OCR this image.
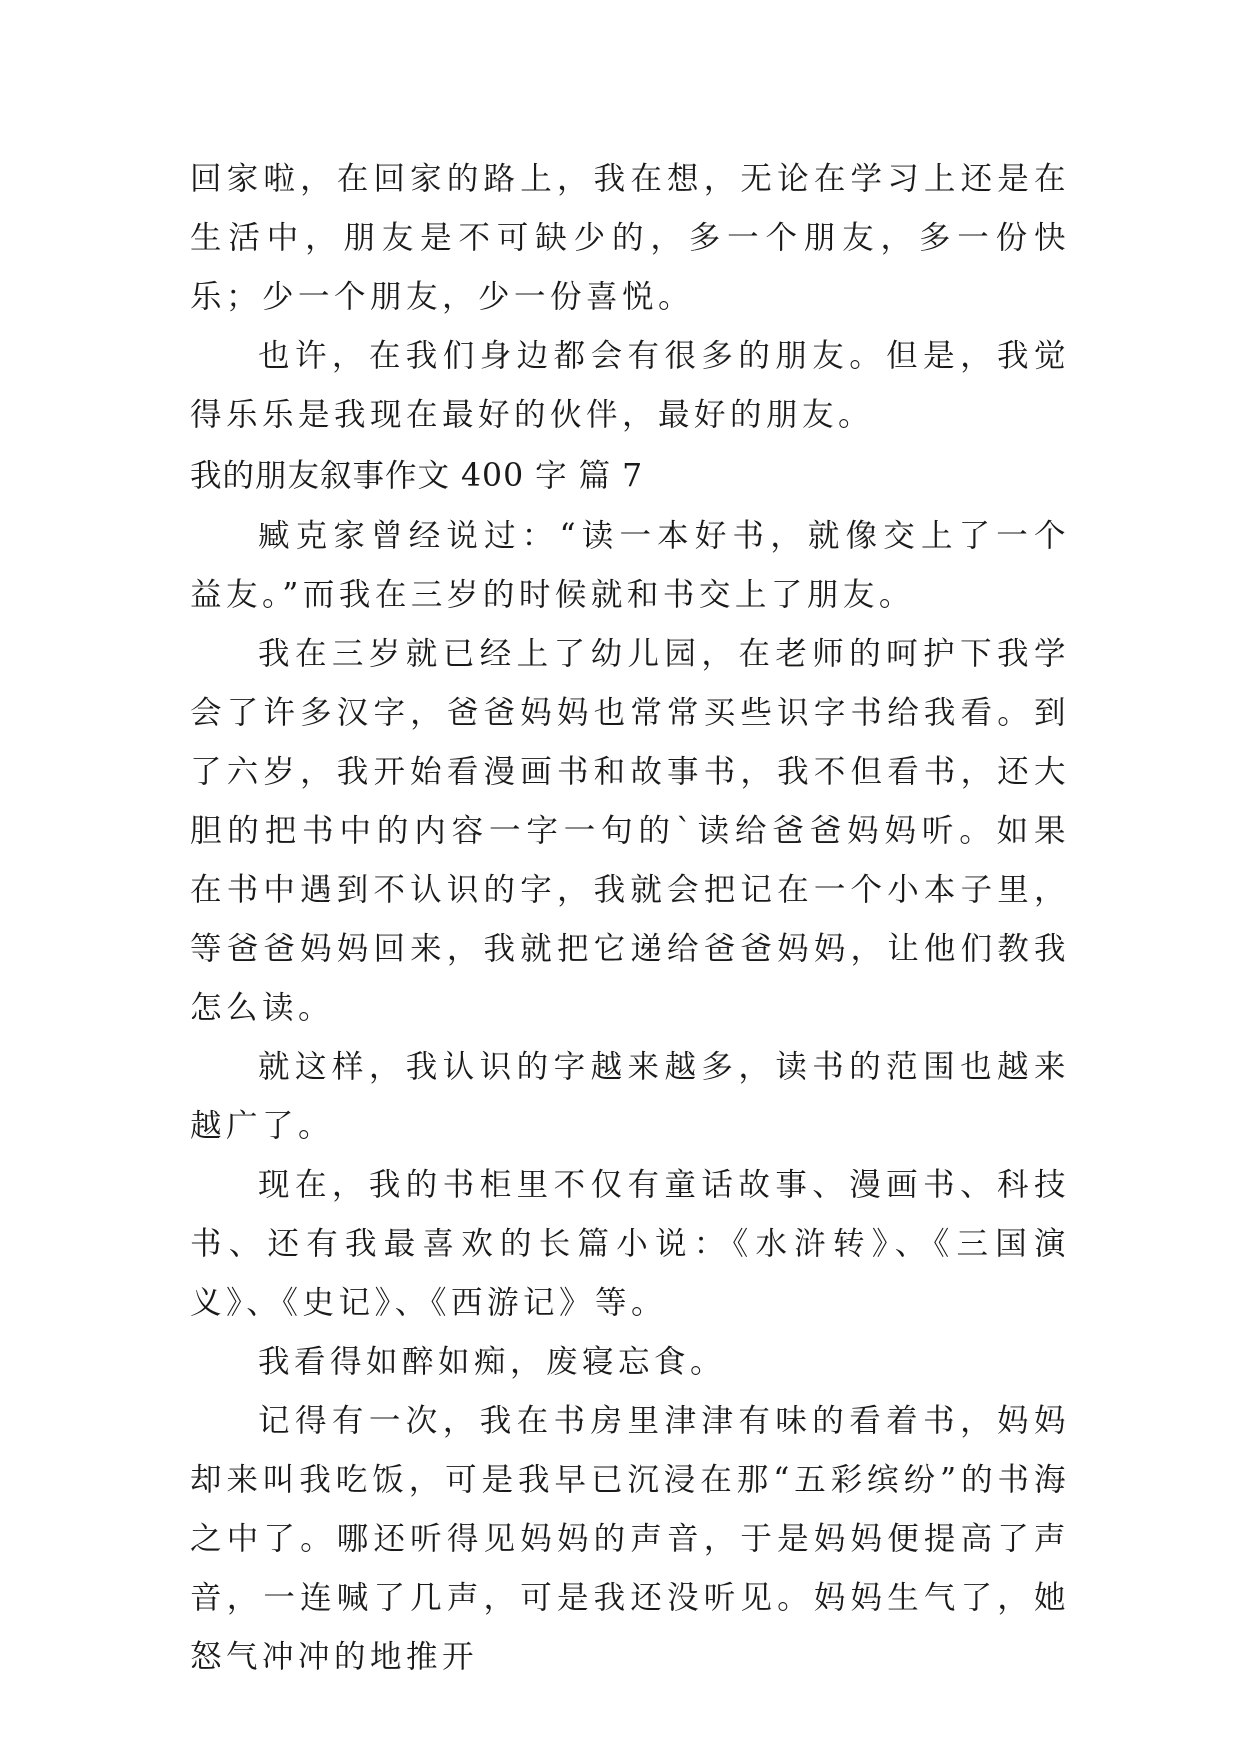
回家啦，在回家的路上，我在想，无论在学习上还是在生活中，朋友是不可缺少的，多一个朋友，多一份快乐；少一个朋友，少一份喜悦。

也许，在我们身边都会有很多的朋友。但是，我觉得乐乐是我现在最好的伙伴，最好的朋友。

我的朋友叙事作文 400 字 篇 7

臧克家曾经说过：“读一本好书，就像交上了一个益友。”而我在三岁的时候就和书交上了朋友。

我在三岁就已经上了幼儿园，在老师的呵护下我学会了许多汉字，爸爸妈妈也常常买些识字书给我看。到了六岁，我开始看漫画书和故事书，我不但看书，还大胆的把书中的内容一字一句的`读给爸爸妈妈听。如果在书中遇到不认识的字，我就会把记在一个小本子里，等爸爸妈妈回来，我就把它递给爸爸妈妈，让他们教我怎么读。

就这样，我认识的字越来越多，读书的范围也越来越广了。

现在，我的书柜里不仅有童话故事、漫画书、科技书、还有我最喜欢的长篇小说：《水浒转》、《三国演义》、《史记》、《西游记》等。

我看得如醉如痴，废寝忘食。

记得有一次，我在书房里津津有味的看着书，妈妈却来叫我吃饭，可是我早已沉浸在那“五彩缤纷”的书海之中了。哪还听得见妈妈的声音，于是妈妈便提高了声音，一连喊了几声，可是我还没听见。妈妈生气了，她怒气冲冲的地推开
